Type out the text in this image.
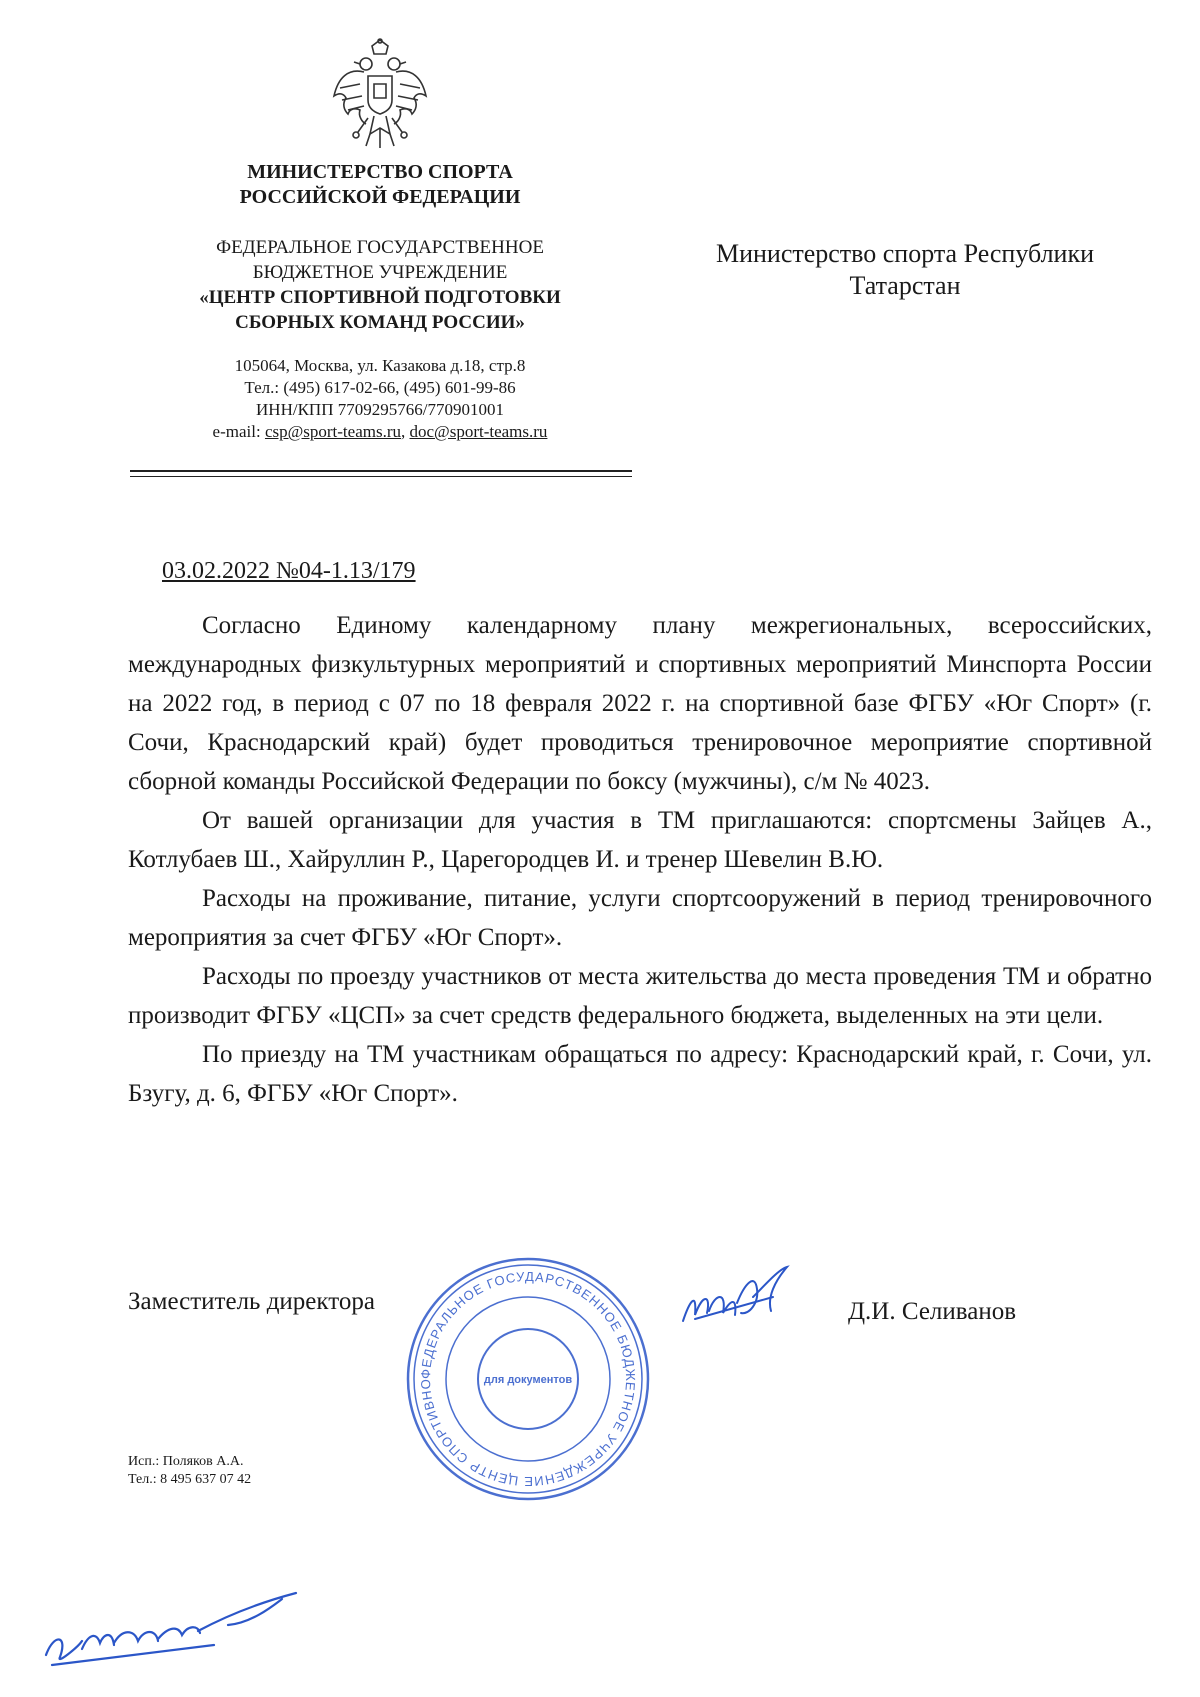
МИНИСТЕРСТВО СПОРТА
РОССИЙСКОЙ ФЕДЕРАЦИИ
ФЕДЕРАЛЬНОЕ ГОСУДАРСТВЕННОЕ
БЮДЖЕТНОЕ УЧРЕЖДЕНИЕ
«ЦЕНТР СПОРТИВНОЙ ПОДГОТОВКИ
СБОРНЫХ КОМАНД РОССИИ»
105064, Москва, ул. Казакова д.18, стр.8
Тел.: (495) 617-02-66, (495) 601-99-86
ИНН/КПП 7709295766/770901001
e-mail: csp@sport-teams.ru, doc@sport-teams.ru
Министерство спорта Республики
Татарстан
03.02.2022 №04-1.13/179

Согласно Единому календарному плану межрегиональных, всероссийских, международных физкультурных мероприятий и спортивных мероприятий Минспорта России на 2022 год, в период с 07 по 18 февраля 2022 г. на спортивной базе ФГБУ «Юг Спорт» (г. Сочи, Краснодарский край) будет проводиться тренировочное мероприятие спортивной сборной команды Российской Федерации по боксу (мужчины), с/м № 4023.

От вашей организации для участия в ТМ приглашаются: спортсмены Зайцев А., Котлубаев Ш., Хайруллин Р., Царегородцев И. и тренер Шевелин В.Ю.

Расходы на проживание, питание, услуги спортсооружений в период тренировочного мероприятия за счет ФГБУ «Юг Спорт».

Расходы по проезду участников от места жительства до места проведения ТМ и обратно производит ФГБУ «ЦСП» за счет средств федерального бюджета, выделенных на эти цели.

По приезду на ТМ участникам обращаться по адресу: Краснодарский край, г. Сочи, ул. Бзугу, д. 6, ФГБУ «Юг Спорт».

Заместитель директора	Д.И. Селиванов
ФЕДЕРАЛЬНОЕ ГОСУДАРСТВЕННОЕ БЮДЖЕТНОЕ УЧРЕЖДЕНИЕ ЦЕНТР СПОРТИВНО	для документов
Исп.: Поляков А.А.
Тел.: 8 495 637 07 42
